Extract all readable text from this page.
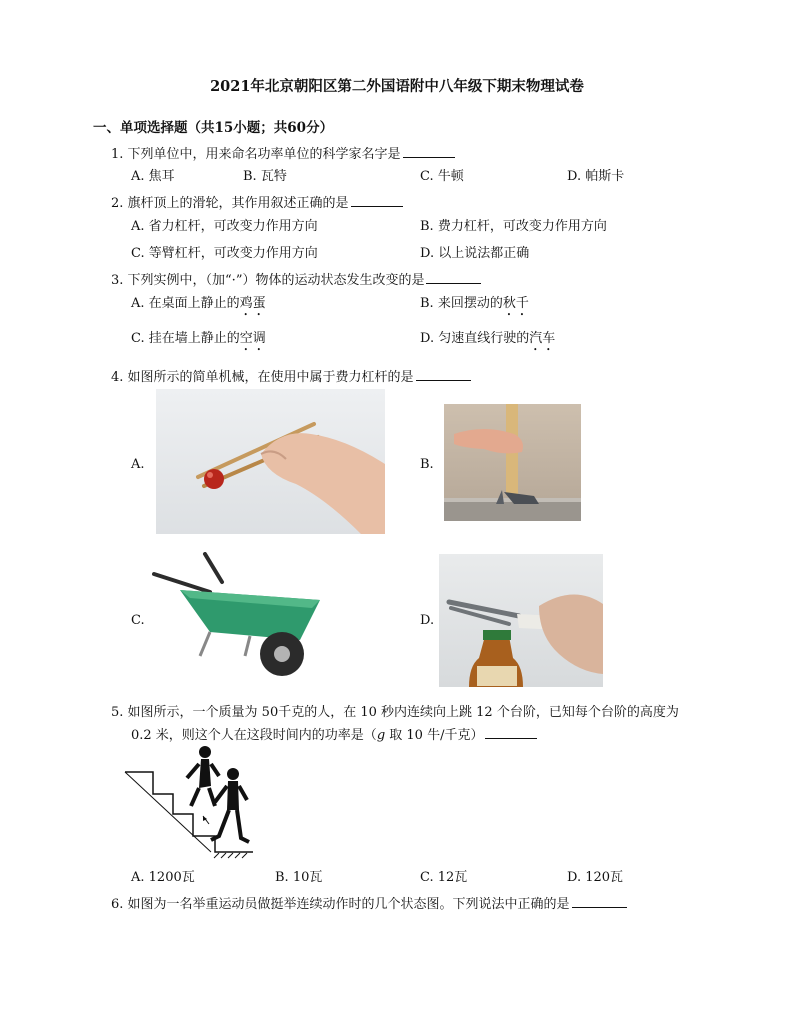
2021年北京朝阳区第二外国语附中八年级下期末物理试卷
一、单项选择题（共15小题；共60分）
1. 下列单位中，用来命名功率单位的科学家名字是
A. 焦耳	B. 瓦特	C. 牛顿	D. 帕斯卡
2. 旗杆顶上的滑轮，其作用叙述正确的是
A. 省力杠杆，可改变力作用方向	B. 费力杠杆，可改变力作用方向
C. 等臂杠杆，可改变力作用方向	D. 以上说法都正确
3. 下列实例中，（加“·”）物体的运动状态发生改变的是
A. 在桌面上静止的鸡蛋	B. 来回摆动的秋千
C. 挂在墙上静止的空调	D. 匀速直线行驶的汽车
4. 如图所示的简单机械，在使用中属于费力杠杆的是
A.	B.
C.	D.
5. 如图所示，一个质量为 50千克的人，在 10 秒内连续向上跳 12 个台阶，已知每个台阶的高度为
0.2 米，则这个人在这段时间内的功率是（g 取 10 牛/千克）
A. 1200瓦	B. 10瓦	C. 12瓦	D. 120瓦
6. 如图为一名举重运动员做挺举连续动作时的几个状态图。下列说法中正确的是
